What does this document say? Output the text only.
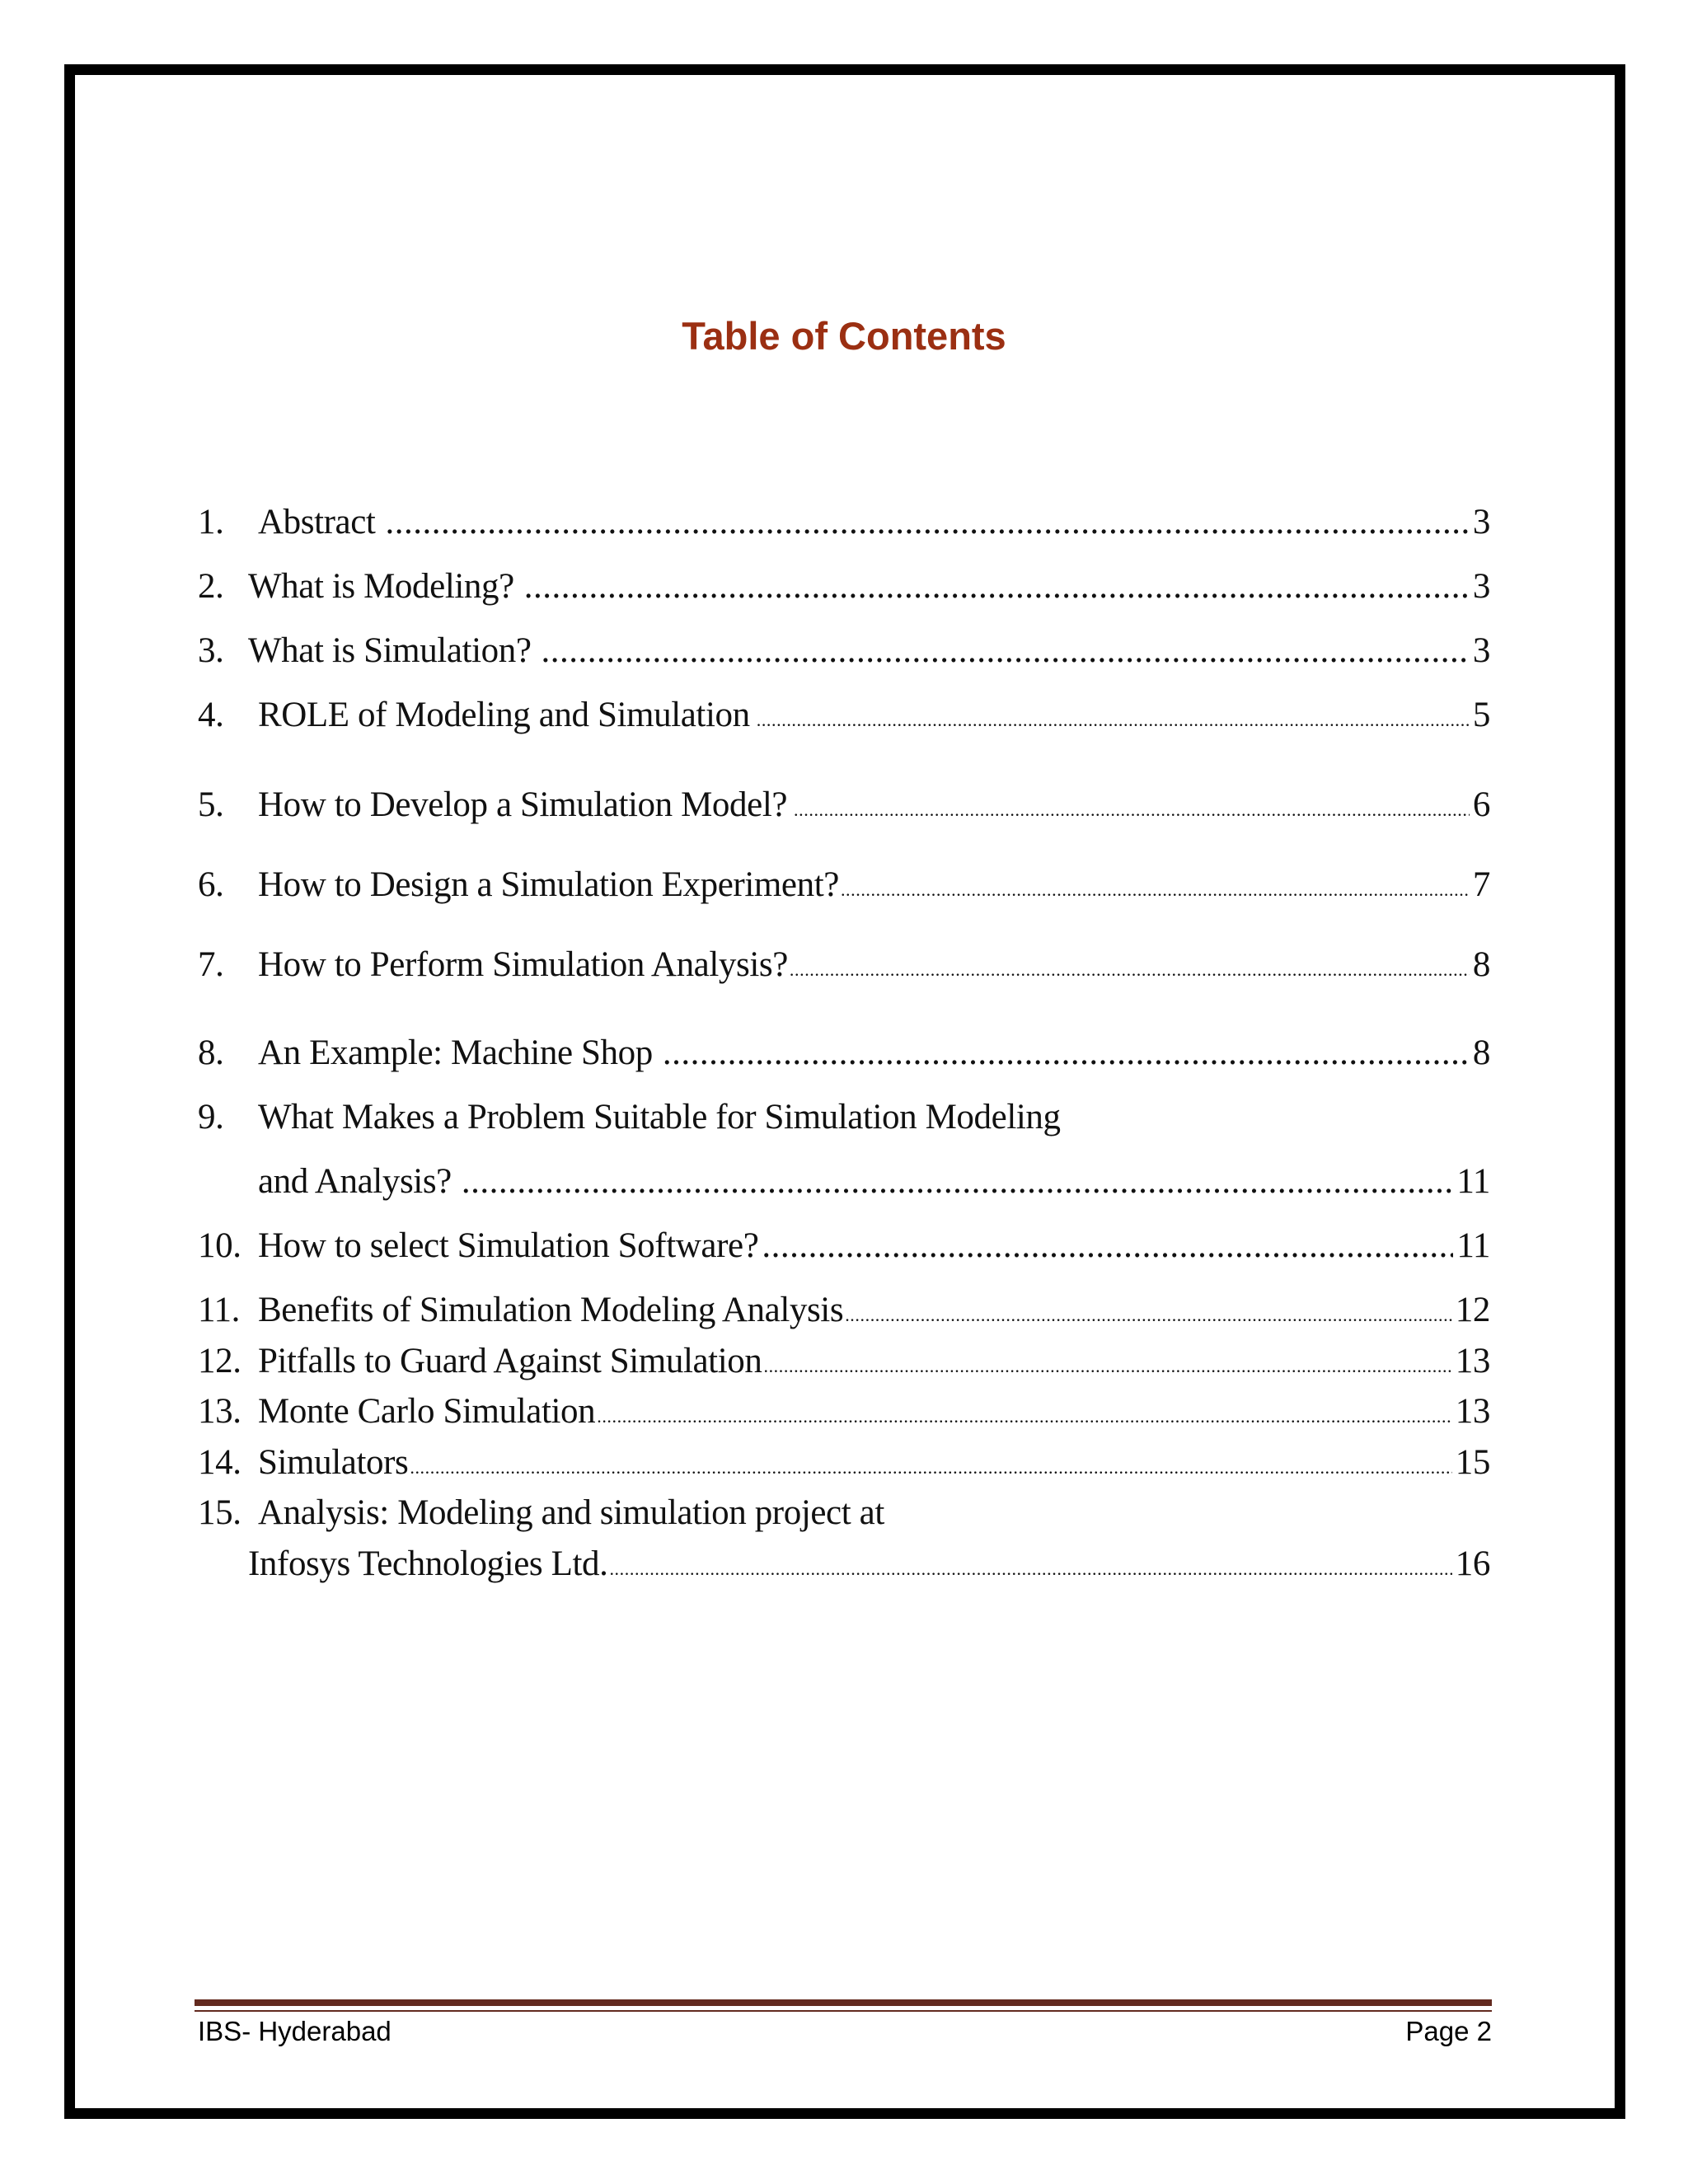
Table of Contents
1. Abstract .....	3
2. What is Modeling? .....	3
3. What is Simulation? .....	3
4. ROLE of Modeling and Simulation .....	5
5. How to Develop a Simulation Model? .....	6
6. How to Design a Simulation Experiment? .....	7
7. How to Perform Simulation Analysis? .....	8
8. An Example: Machine Shop .....	8
9. What Makes a Problem Suitable for Simulation Modeling
and Analysis? .....	11
10. How to select Simulation Software? .....	11
11. Benefits of Simulation Modeling Analysis .....	12
12. Pitfalls to Guard Against Simulation .....	13
13. Monte Carlo Simulation .....	13
14. Simulators .....	15
15. Analysis: Modeling and simulation project at
Infosys Technologies Ltd. .....	16
IBS- Hyderabad	Page 2
